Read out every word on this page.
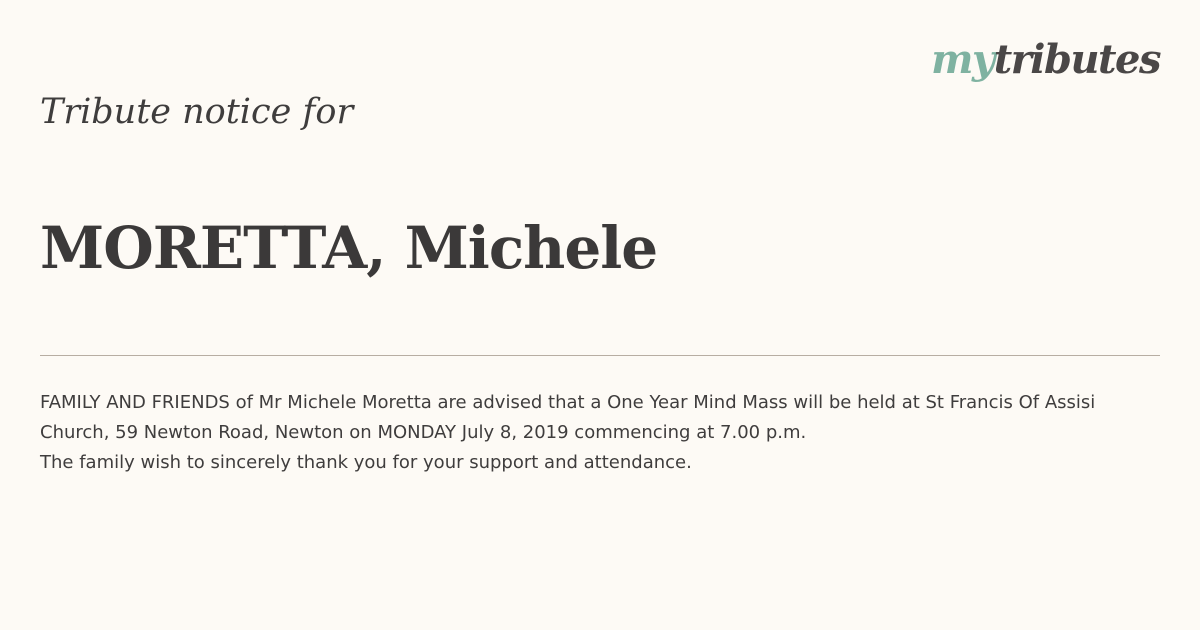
mytributes
Tribute notice for
MORETTA, Michele

FAMILY AND FRIENDS of Mr Michele Moretta are advised that a One Year Mind Mass will be held at St Francis Of Assisi Church, 59 Newton Road, Newton on MONDAY July 8, 2019 commencing at 7.00 p.m.

The family wish to sincerely thank you for your support and attendance.
